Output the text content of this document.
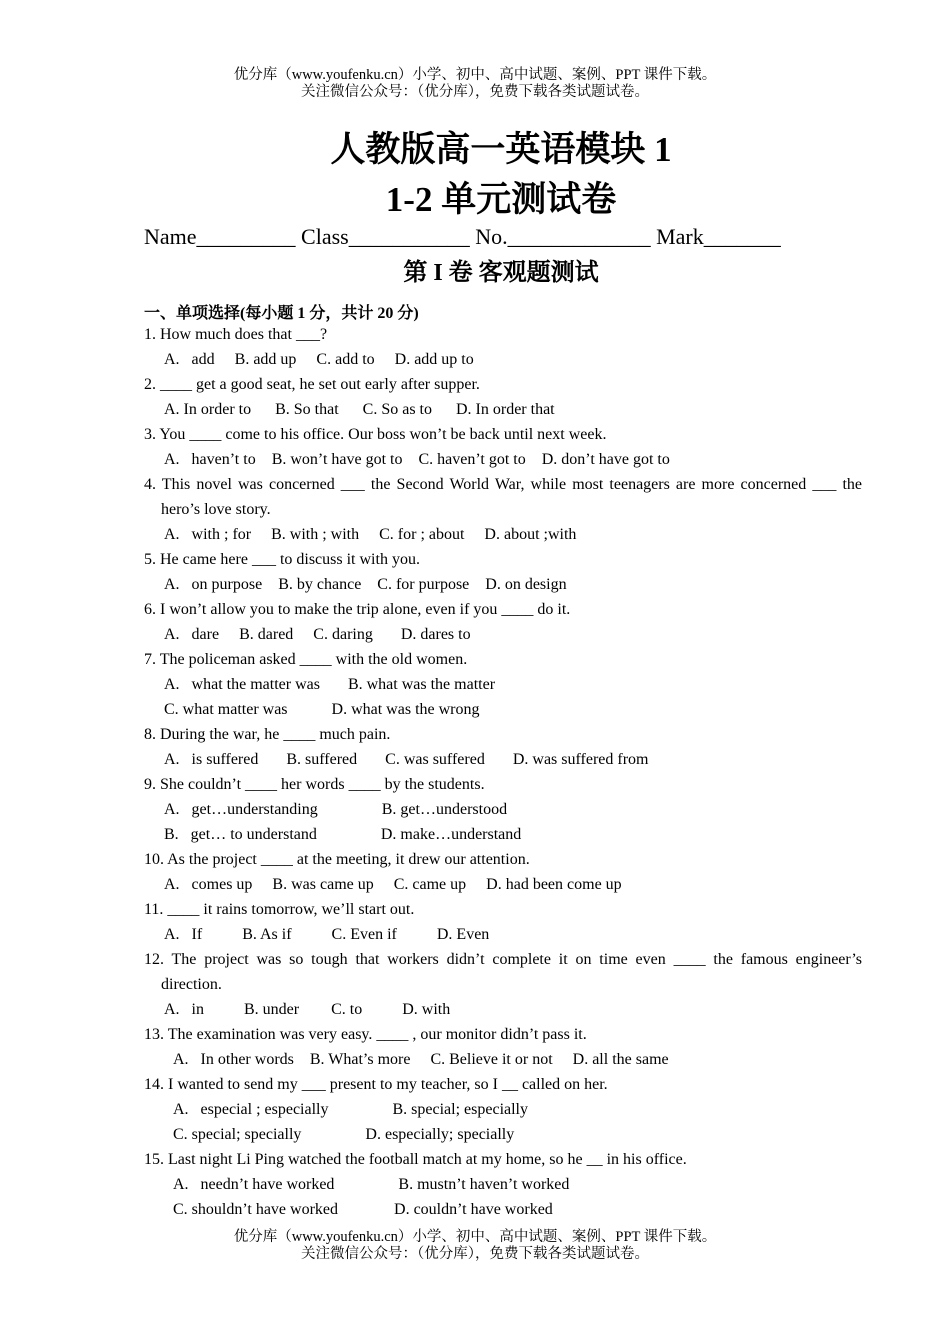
优分库（www.youfenku.cn）小学、初中、高中试题、案例、PPT 课件下载。
关注微信公众号：（优分库），免费下载各类试题试卷。
人教版高一英语模块 1
1-2 单元测试卷
Name_________ Class___________ No._____________ Mark_______
第 I 卷 客观题测试
一、单项选择(每小题 1 分，共计 20 分)
1. How much does that ___?
A.   add     B. add up     C. add to     D. add up to
2. ____ get a good seat, he set out early after supper.
A. In order to      B. So that      C. So as to      D. In order that
3. You ____ come to his office. Our boss won’t be back until next week.
A.   haven’t to    B. won’t have got to    C. haven’t got to    D. don’t have got to
4. This novel was concerned ___ the Second World War, while most teenagers are more concerned ___ the hero’s love story.
A.   with ; for     B. with ; with     C. for ; about     D. about ;with
5. He came here ___ to discuss it with you.
A.   on purpose    B. by chance    C. for purpose    D. on design
6. I won’t allow you to make the trip alone, even if you ____ do it.
A.   dare     B. dared     C. daring       D. dares to
7. The policeman asked ____ with the old women.
A.   what the matter was       B. what was the matter
C. what matter was           D. what was the wrong
8. During the war, he ____ much pain.
A.   is suffered       B. suffered       C. was suffered       D. was suffered from
9. She couldn’t ____ her words ____ by the students.
A.   get…understanding                B. get…understood
B.   get… to understand                D. make…understand
10. As the project ____ at the meeting, it drew our attention.
A.   comes up     B. was came up     C. came up     D. had been come up
11. ____ it rains tomorrow, we’ll start out.
A.   If          B. As if          C. Even if          D. Even
12. The project was so tough that workers didn’t complete it on time even ____ the famous engineer’s direction.
A.   in          B. under        C. to          D. with
13. The examination was very easy. ____ , our monitor didn’t pass it.
A.   In other words    B. What’s more     C. Believe it or not     D. all the same
14. I wanted to send my ___ present to my teacher, so I __ called on her.
A.   especial ; especially                B. special; especially
C. special; specially                D. especially; specially
15. Last night Li Ping watched the football match at my home, so he __ in his office.
A.   needn’t have worked                B. mustn’t haven’t worked
C. shouldn’t have worked              D. couldn’t have worked
优分库（www.youfenku.cn）小学、初中、高中试题、案例、PPT 课件下载。
关注微信公众号：（优分库），免费下载各类试题试卷。
